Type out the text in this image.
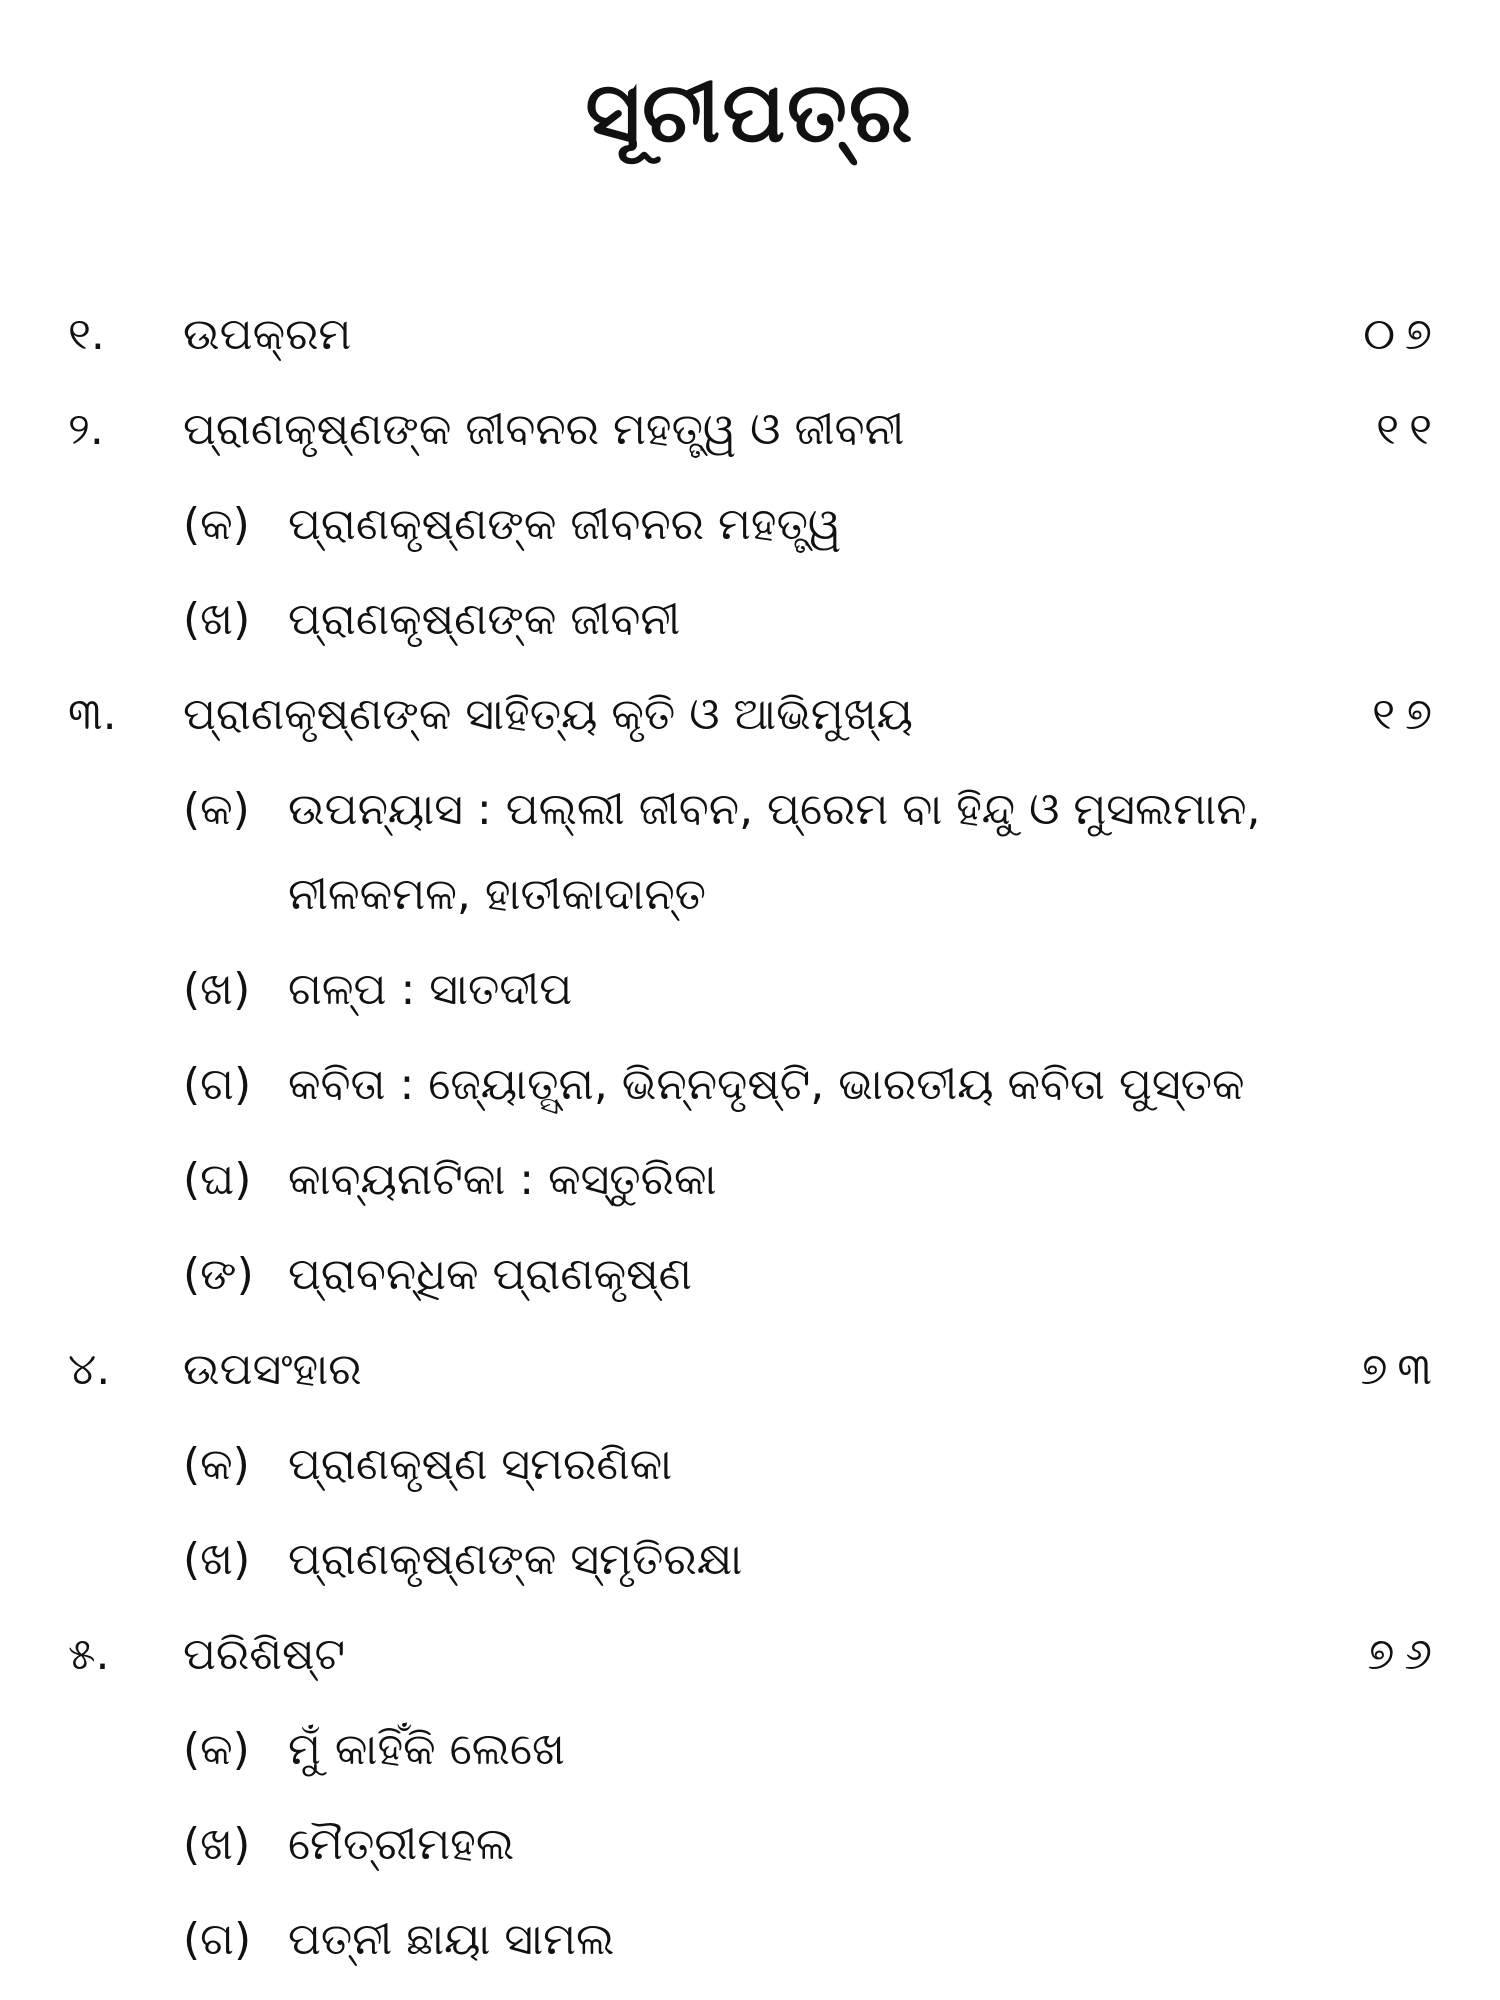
ସୂଚୀପତ୍ର
୧. ଉପକ୍ରମ	୦୭
୨. ପ୍ରାଣକୃଷ୍ଣଙ୍କ ଜୀବନର ମହତ୍ତ୍ୱ ଓ ଜୀବନୀ	୧୧
(କ) ପ୍ରାଣକୃଷ୍ଣଙ୍କ ଜୀବନର ମହତ୍ତ୍ୱ
(ଖ) ପ୍ରାଣକୃଷ୍ଣଙ୍କ ଜୀବନୀ
୩. ପ୍ରାଣକୃଷ୍ଣଙ୍କ ସାହିତ୍ୟ କୃତି ଓ ଆଭିମୁଖ୍ୟ	୧୭
(କ) ଉପନ୍ୟାସ : ପଲ୍ଲୀ ଜୀବନ, ପ୍ରେମ ବା ହିନ୍ଦୁ ଓ ମୁସଲମାନ,
ନୀଳକମଳ, ହାତୀକାଦାନ୍ତ
(ଖ) ଗଳ୍ପ : ସାତଦୀପ
(ଗ) କବିତା : ଜ୍ୟୋତ୍ସ୍ନା, ଭିନ୍ନଦୃଷ୍ଟି, ଭାରତୀୟ କବିତା ପୁସ୍ତକ
(ଘ) କାବ୍ୟନାଟିକା : କସ୍ତୁରିକା
(ଙ) ପ୍ରାବନ୍ଧିକ ପ୍ରାଣକୃଷ୍ଣ
୪. ଉପସଂହାର	୭୩
(କ) ପ୍ରାଣକୃଷ୍ଣ ସ୍ମରଣିକା
(ଖ) ପ୍ରାଣକୃଷ୍ଣଙ୍କ ସ୍ମୃତିରକ୍ଷା
୫. ପରିଶିଷ୍ଟ	୭୬
(କ) ମୁଁ କାହିଁକି ଲେଖେ
(ଖ) ମୈତ୍ରୀମହଲ
(ଗ) ପତ୍ନୀ ଛାୟା ସାମଲ
